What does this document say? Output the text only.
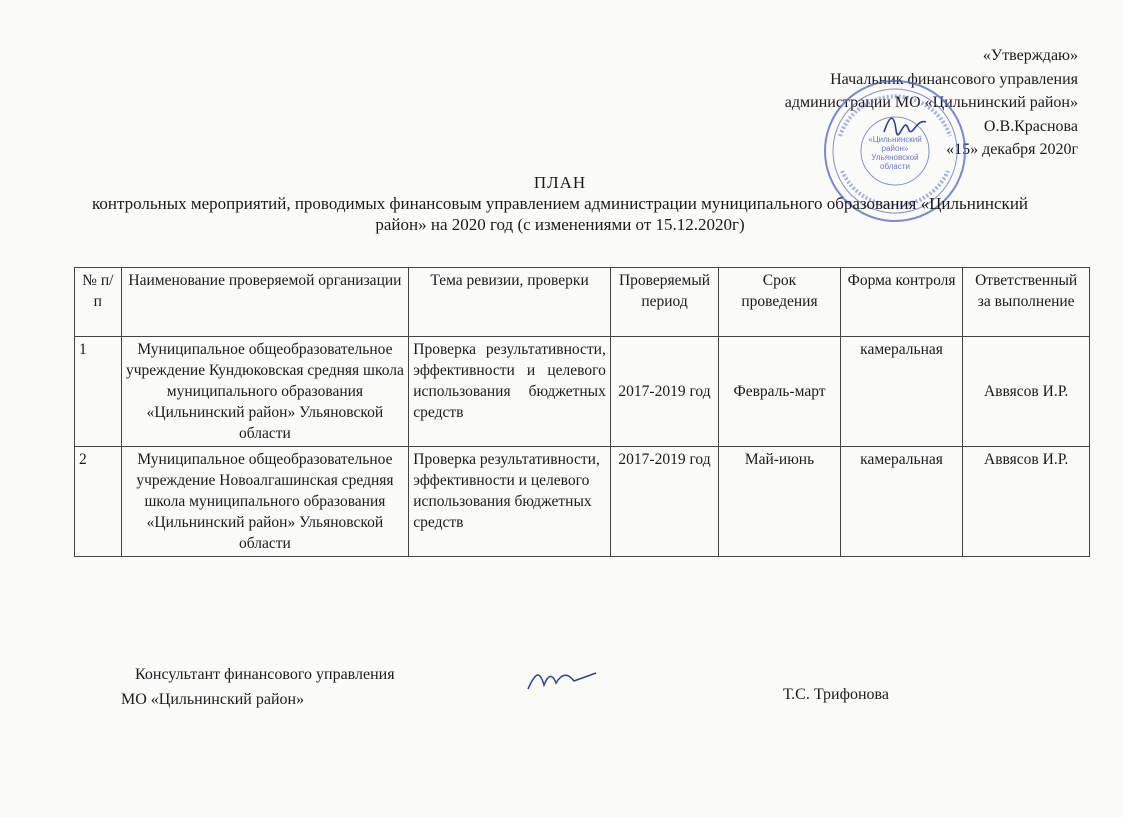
«Утверждаю»
Начальник финансового управления
администрации МО «Цильнинский район»
О.В.Краснова
«15» декабря 2020г
«Цильнинский
район»
Ульяновской
области
ПЛАН
контрольных мероприятий, проводимых финансовым управлением администрации муниципального образования «Цильнинский
район» на 2020 год (с изменениями от 15.12.2020г)
№ п/п	Наименование проверяемой организации	Тема ревизии, проверки	Проверяемый период	Срок проведения	Форма контроля	Ответственный за выполнение
1	Муниципальное общеобразовательное учреждение Кундюковская средняя школа муниципального образования «Цильнинский район» Ульяновской области	Проверка результативности, эффективности и целевого использования бюджетных средств	2017-2019 год	Февраль-март	камеральная	Аввясов И.Р.
2	Муниципальное общеобразовательное учреждение Новоалгашинская средняя школа муниципального образования «Цильнинский район» Ульяновской области	Проверка результативности, эффективности и целевого использования бюджетных средств	2017-2019 год	Май-июнь	камеральная	Аввясов И.Р.
Консультант финансового управления
МО «Цильнинский район»	Т.С. Трифонова
